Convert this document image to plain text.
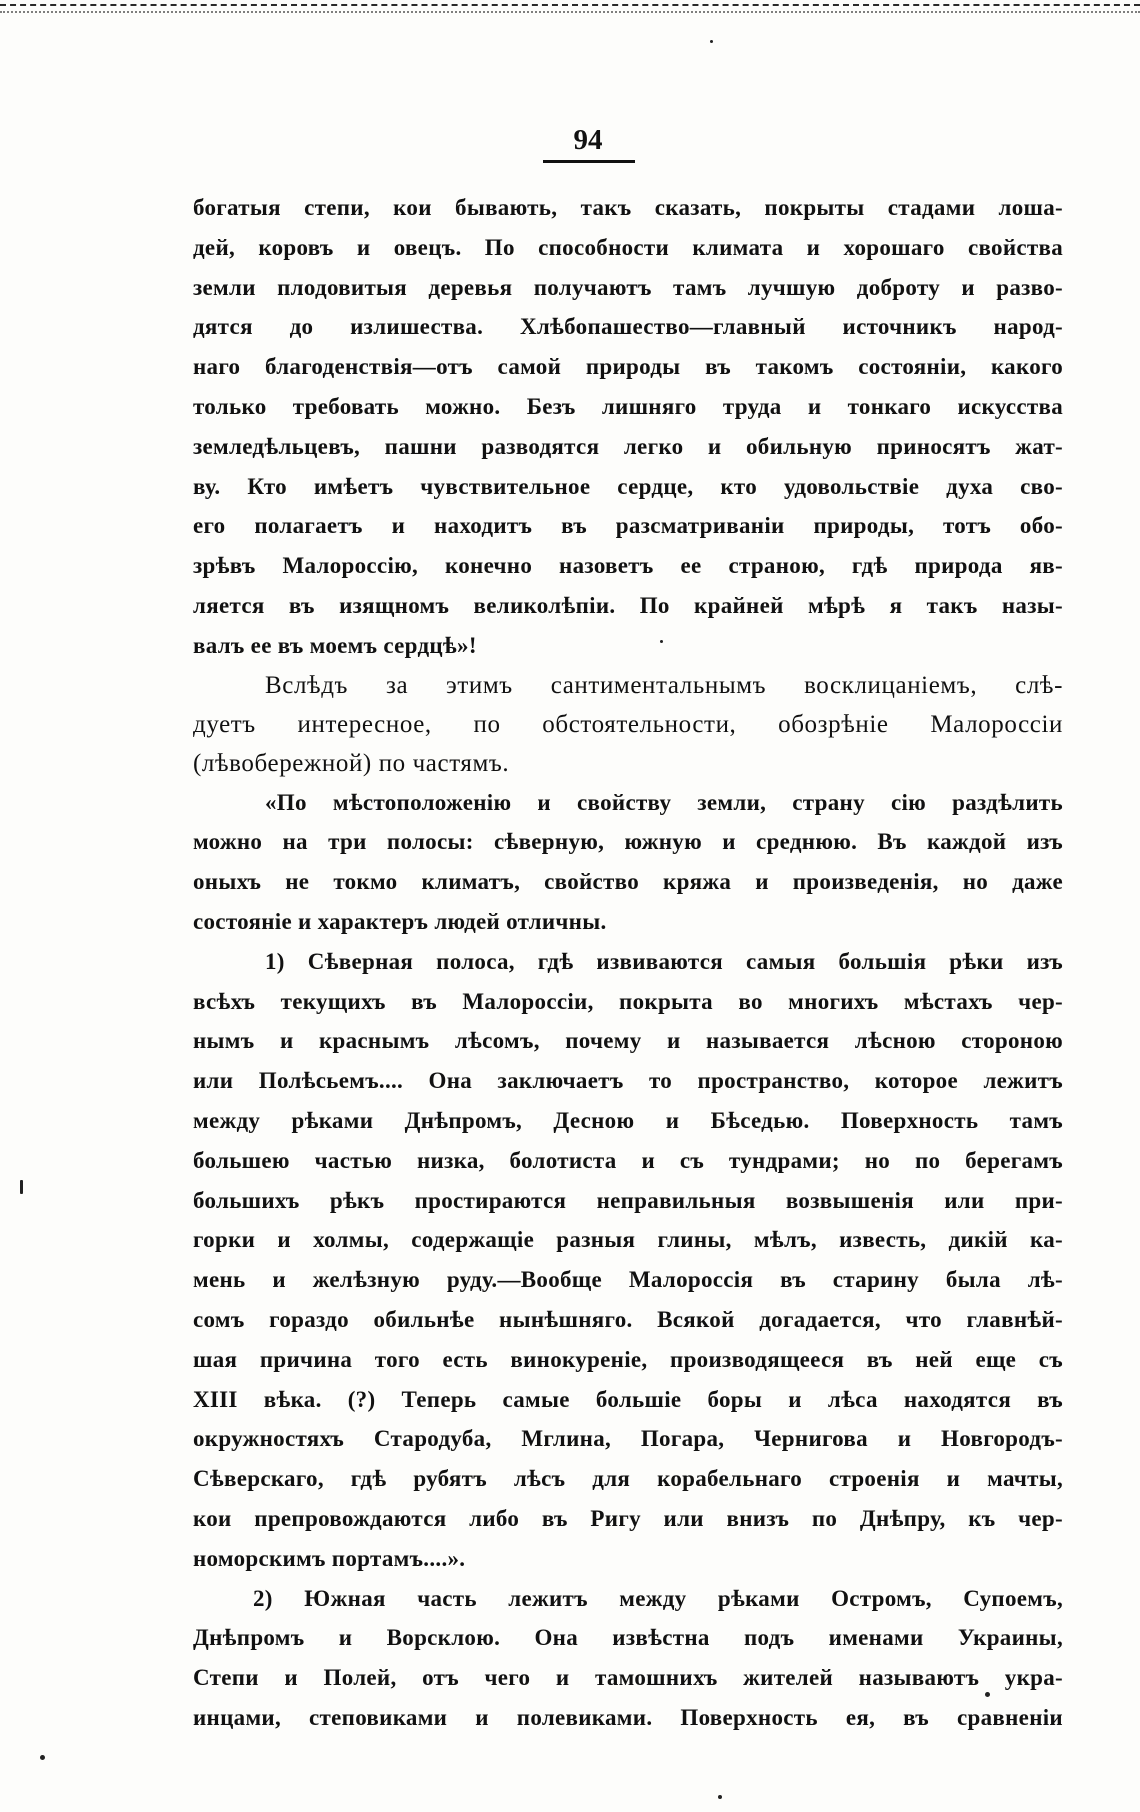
94
богатыя степи, кои бывають, такъ сказать, покрыты стадами лоша-
дей, коровъ и овецъ. По способности климата и хорошаго свойства
земли плодовитыя деревья получаютъ тамъ лучшую доброту и разво-
дятся до излишества. Хлѣбопашество—главный источникъ народ-
наго благоденствія—отъ самой природы въ такомъ состояніи, какого
только требовать можно. Безъ лишняго труда и тонкаго искусства
земледѣльцевъ, пашни разводятся легко и обильную приносятъ жат-
ву. Кто имѣетъ чувствительное сердце, кто удовольствіе духа сво-
его полагаетъ и находитъ въ разсматриваніи природы, тотъ обо-
зрѣвъ Малороссію, конечно назоветъ ее страною, гдѣ природа яв-
ляется въ изящномъ великолѣпіи. По крайней мѣрѣ я такъ назы-
валъ ее въ моемъ сердцѣ»!
Вслѣдъ за этимъ сантиментальнымъ восклицаніемъ, слѣ-
дуетъ интересное, по обстоятельности, обозрѣніе Малороссіи
(лѣвобережной) по частямъ.
«По мѣстоположенію и свойству земли, страну сію раздѣлить
можно на три полосы: сѣверную, южную и среднюю. Въ каждой изъ
оныхъ не токмо климатъ, свойство кряжа и произведенія, но даже
состояніе и характеръ людей отличны.
1) Сѣверная полоса, гдѣ извиваются самыя большія рѣки изъ
всѣхъ текущихъ въ Малороссіи, покрыта во многихъ мѣстахъ чер-
нымъ и краснымъ лѣсомъ, почему и называется лѣсною стороною
или Полѣсьемъ.... Она заключаетъ то пространство, которое лежитъ
между рѣками Днѣпромъ, Десною и Бѣседью. Поверхность тамъ
большею частью низка, болотиста и съ тундрами; но по берегамъ
большихъ рѣкъ простираются неправильныя возвышенія или при-
горки и холмы, содержащіе разныя глины, мѣлъ, известь, дикій ка-
мень и желѣзную руду.—Вообще Малороссія въ старину была лѣ-
сомъ гораздо обильнѣе нынѣшняго. Всякой догадается, что главнѣй-
шая причина того есть винокуреніе, производящееся въ ней еще съ
XIII вѣка. (?) Теперь самые большіе боры и лѣса находятся въ
окружностяхъ Стародуба, Мглина, Погара, Чернигова и Новгородъ-
Сѣверскаго, гдѣ рубятъ лѣсъ для корабельнаго строенія и мачты,
кои препровождаются либо въ Ригу или внизъ по Днѣпру, къ чер-
номорскимъ портамъ....».
2) Южная часть лежитъ между рѣками Остромъ, Супоемъ,
Днѣпромъ и Ворсклою. Она извѣстна подъ именами Украины,
Степи и Полей, отъ чего и тамошнихъ жителей называютъ укра-
инцами, степовиками и полевиками. Поверхность ея, въ сравненіи
